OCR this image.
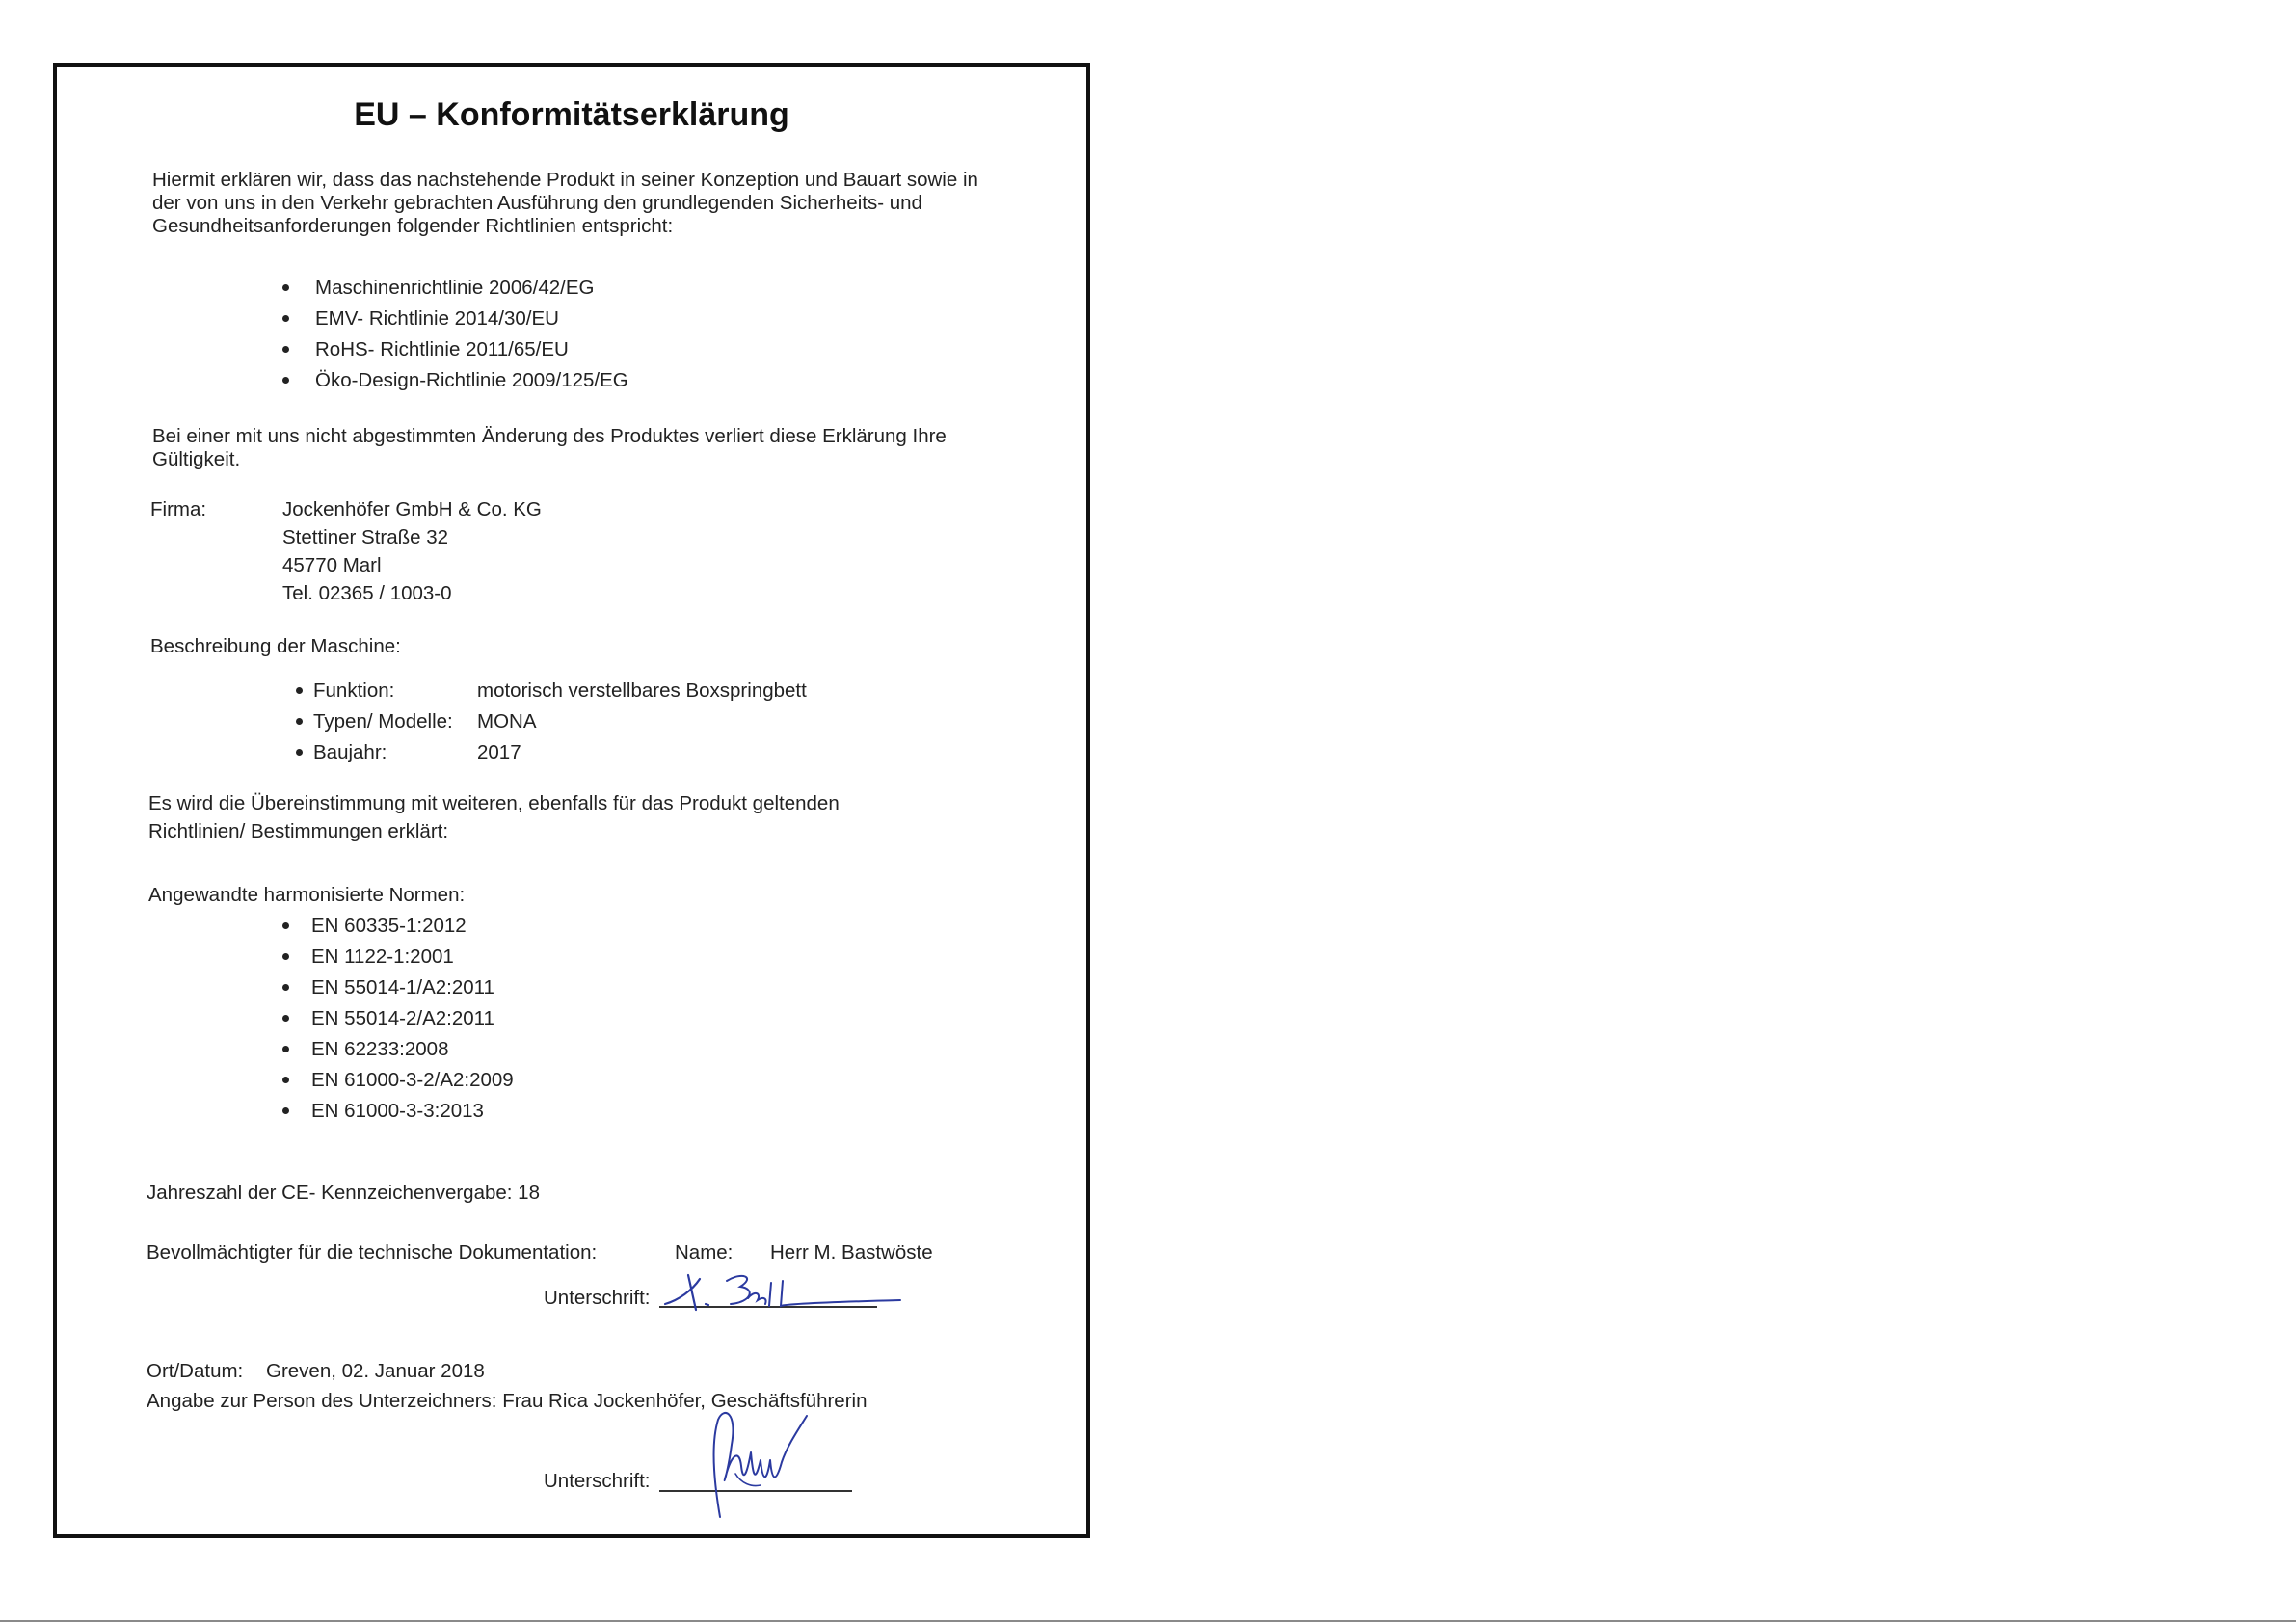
EU – Konformitätserklärung
Hiermit erklären wir, dass das nachstehende Produkt in seiner Konzeption und Bauart sowie in
der von uns in den Verkehr gebrachten Ausführung den grundlegenden Sicherheits- und
Gesundheitsanforderungen folgender Richtlinien entspricht:
Maschinenrichtlinie 2006/42/EG
EMV- Richtlinie 2014/30/EU
RoHS- Richtlinie 2011/65/EU
Öko-Design-Richtlinie 2009/125/EG
Bei einer mit uns nicht abgestimmten Änderung des Produktes verliert diese Erklärung Ihre
Gültigkeit.
Firma:	Jockenhöfer GmbH & Co. KG
Stettiner Straße 32
45770 Marl
Tel. 02365 / 1003-0
Beschreibung der Maschine:
Funktion:	motorisch verstellbares Boxspringbett
Typen/ Modelle: MONA
Baujahr:	2017
Es wird die Übereinstimmung mit weiteren, ebenfalls für das Produkt geltenden
Richtlinien/ Bestimmungen erklärt:
Angewandte harmonisierte Normen:
EN 60335-1:2012
EN 1122-1:2001
EN 55014-1/A2:2011
EN 55014-2/A2:2011
EN 62233:2008
EN 61000-3-2/A2:2009
EN 61000-3-3:2013
Jahreszahl der CE- Kennzeichenvergabe: 18
Bevollmächtigter für die technische Dokumentation:	Name: Herr M. Bastwöste
Unterschrift:
Ort/Datum: Greven, 02. Januar 2018
Angabe zur Person des Unterzeichners: Frau Rica Jockenhöfer, Geschäftsführerin
Unterschrift:
